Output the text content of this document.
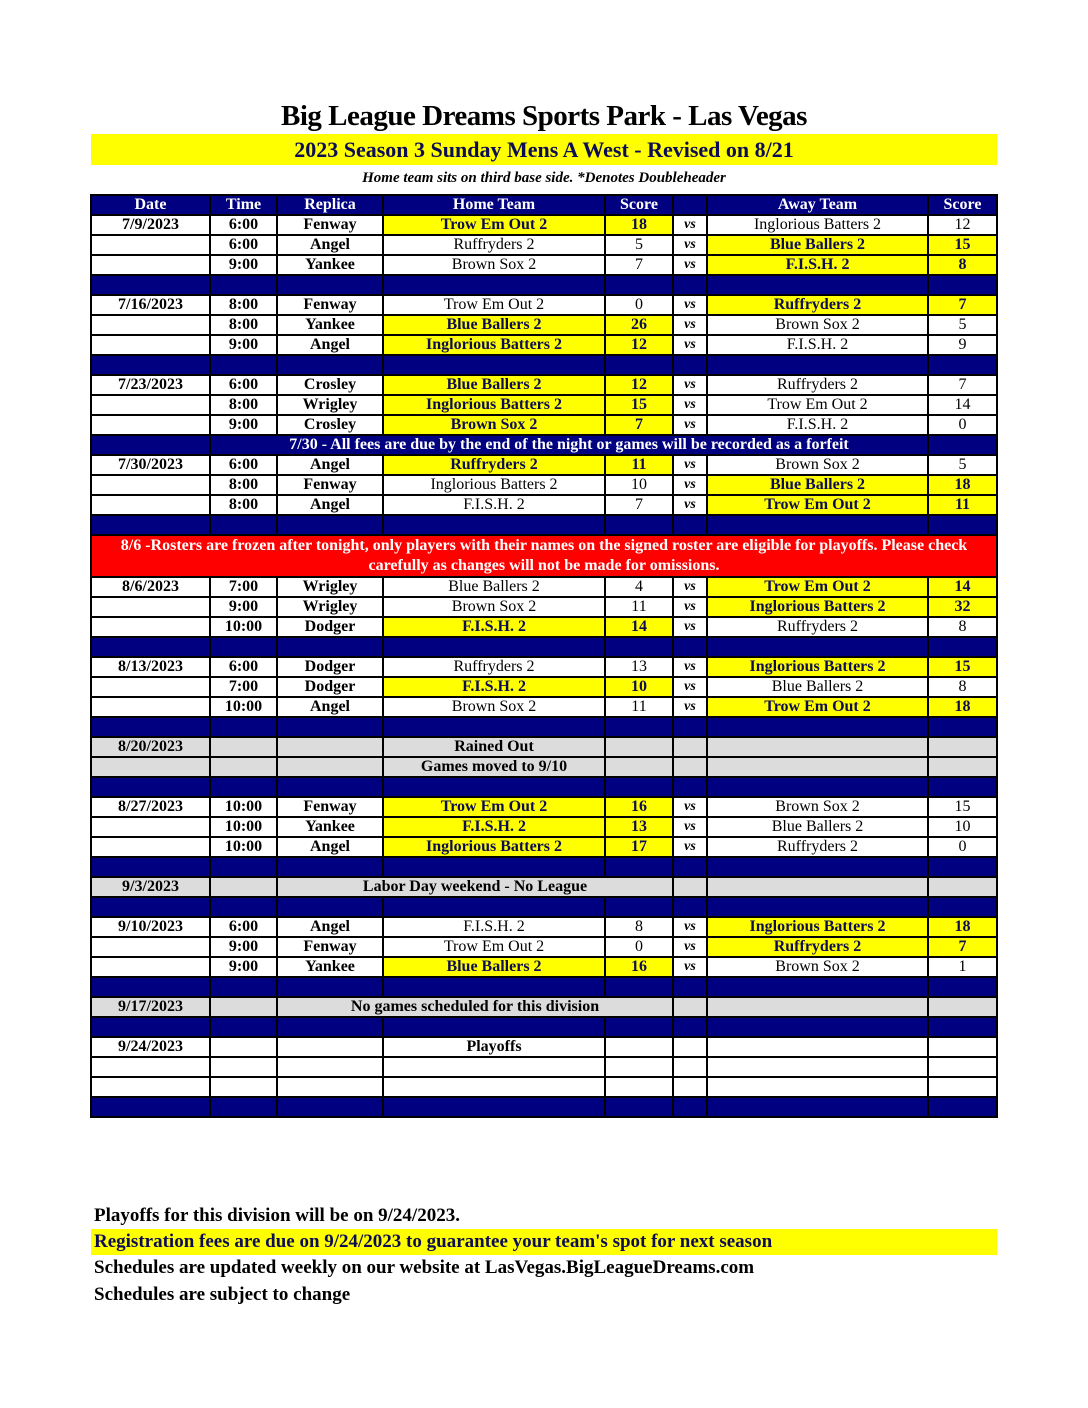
Big League Dreams Sports Park - Las Vegas
2023 Season 3 Sunday Mens A West - Revised on 8/21
Home team sits on third base side. *Denotes Doubleheader
Date	Time	Replica	Home Team	Score		Away Team	Score
7/9/2023	6:00	Fenway	Trow Em Out 2	18	vs	Inglorious Batters 2	12
	6:00	Angel	Ruffryders 2	5	vs	Blue Ballers 2	15
	9:00	Yankee	Brown Sox 2	7	vs	F.I.S.H. 2	8

7/16/2023	8:00	Fenway	Trow Em Out 2	0	vs	Ruffryders 2	7
	8:00	Yankee	Blue Ballers 2	26	vs	Brown Sox 2	5
	9:00	Angel	Inglorious Batters 2	12	vs	F.I.S.H. 2	9

7/23/2023	6:00	Crosley	Blue Ballers 2	12	vs	Ruffryders 2	7
	8:00	Wrigley	Inglorious Batters 2	15	vs	Trow Em Out 2	14
	9:00	Crosley	Brown Sox 2	7	vs	F.I.S.H. 2	0
	7/30 - All fees are due by the end of the night or games will be recorded as a forfeit						
7/30/2023	6:00	Angel	Ruffryders 2	11	vs	Brown Sox 2	5
	8:00	Fenway	Inglorious Batters 2	10	vs	Blue Ballers 2	18
	8:00	Angel	F.I.S.H. 2	7	vs	Trow Em Out 2	11

8/6 -Rosters are frozen after tonight, only players with their names on the signed roster are eligible for playoffs. Please check carefully as changes will not be made for omissions.							
8/6/2023	7:00	Wrigley	Blue Ballers 2	4	vs	Trow Em Out 2	14
	9:00	Wrigley	Brown Sox 2	11	vs	Inglorious Batters 2	32
	10:00	Dodger	F.I.S.H. 2	14	vs	Ruffryders 2	8

8/13/2023	6:00	Dodger	Ruffryders 2	13	vs	Inglorious Batters 2	15
	7:00	Dodger	F.I.S.H. 2	10	vs	Blue Ballers 2	8
	10:00	Angel	Brown Sox 2	11	vs	Trow Em Out 2	18

8/20/2023			Rained Out				
			Games moved to 9/10				

8/27/2023	10:00	Fenway	Trow Em Out 2	16	vs	Brown Sox 2	15
	10:00	Yankee	F.I.S.H. 2	13	vs	Blue Ballers 2	10
	10:00	Angel	Inglorious Batters 2	17	vs	Ruffryders 2	0

9/3/2023		Labor Day weekend - No League					

9/10/2023	6:00	Angel	F.I.S.H. 2	8	vs	Inglorious Batters 2	18
	9:00	Fenway	Trow Em Out 2	0	vs	Ruffryders 2	7
	9:00	Yankee	Blue Ballers 2	16	vs	Brown Sox 2	1

9/17/2023		No games scheduled for this division					

9/24/2023			Playoffs				

Playoffs for this division will be on 9/24/2023.
Registration fees are due on 9/24/2023 to guarantee your team's spot for next season
Schedules are updated weekly on our website at LasVegas.BigLeagueDreams.com
Schedules are subject to change
